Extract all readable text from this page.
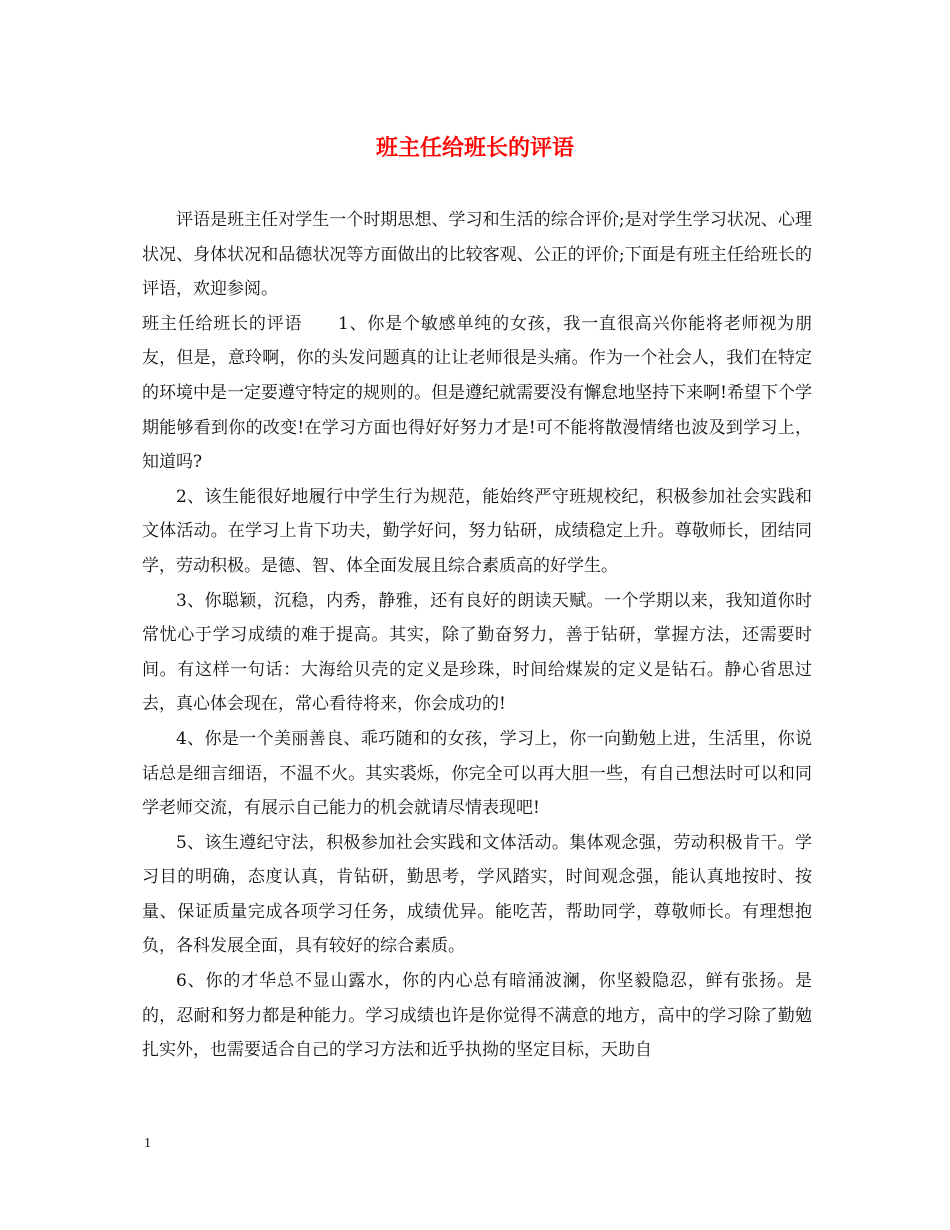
班主任给班长的评语

评语是班主任对学生一个时期思想、学习和生活的综合评价;是对学生学习状况、心理状况、身体状况和品德状况等方面做出的比较客观、公正的评价;下面是有班主任给班长的评语，欢迎参阅。

班主任给班长的评语　　1、你是个敏感单纯的女孩，我一直很高兴你能将老师视为朋友，但是，意玲啊，你的头发问题真的让让老师很是头痛。作为一个社会人，我们在特定的环境中是一定要遵守特定的规则的。但是遵纪就需要没有懈怠地坚持下来啊!希望下个学期能够看到你的改变!在学习方面也得好好努力才是!可不能将散漫情绪也波及到学习上，知道吗?

2、该生能很好地履行中学生行为规范，能始终严守班规校纪，积极参加社会实践和文体活动。在学习上肯下功夫，勤学好问，努力钻研，成绩稳定上升。尊敬师长，团结同学，劳动积极。是德、智、体全面发展且综合素质高的好学生。

3、你聪颖，沉稳，内秀，静雅，还有良好的朗读天赋。一个学期以来，我知道你时常忧心于学习成绩的难于提高。其实，除了勤奋努力，善于钻研，掌握方法，还需要时间。有这样一句话：大海给贝壳的定义是珍珠，时间给煤炭的定义是钻石。静心省思过去，真心体会现在，常心看待将来，你会成功的!

4、你是一个美丽善良、乖巧随和的女孩，学习上，你一向勤勉上进，生活里，你说话总是细言细语，不温不火。其实裘烁，你完全可以再大胆一些，有自己想法时可以和同学老师交流，有展示自己能力的机会就请尽情表现吧!

5、该生遵纪守法，积极参加社会实践和文体活动。集体观念强，劳动积极肯干。学习目的明确，态度认真，肯钻研，勤思考，学风踏实，时间观念强，能认真地按时、按量、保证质量完成各项学习任务，成绩优异。能吃苦，帮助同学，尊敬师长。有理想抱负，各科发展全面，具有较好的综合素质。

6、你的才华总不显山露水，你的内心总有暗涌波澜，你坚毅隐忍，鲜有张扬。是的，忍耐和努力都是种能力。学习成绩也许是你觉得不满意的地方，高中的学习除了勤勉扎实外，也需要适合自己的学习方法和近乎执拗的坚定目标，天助自

1
